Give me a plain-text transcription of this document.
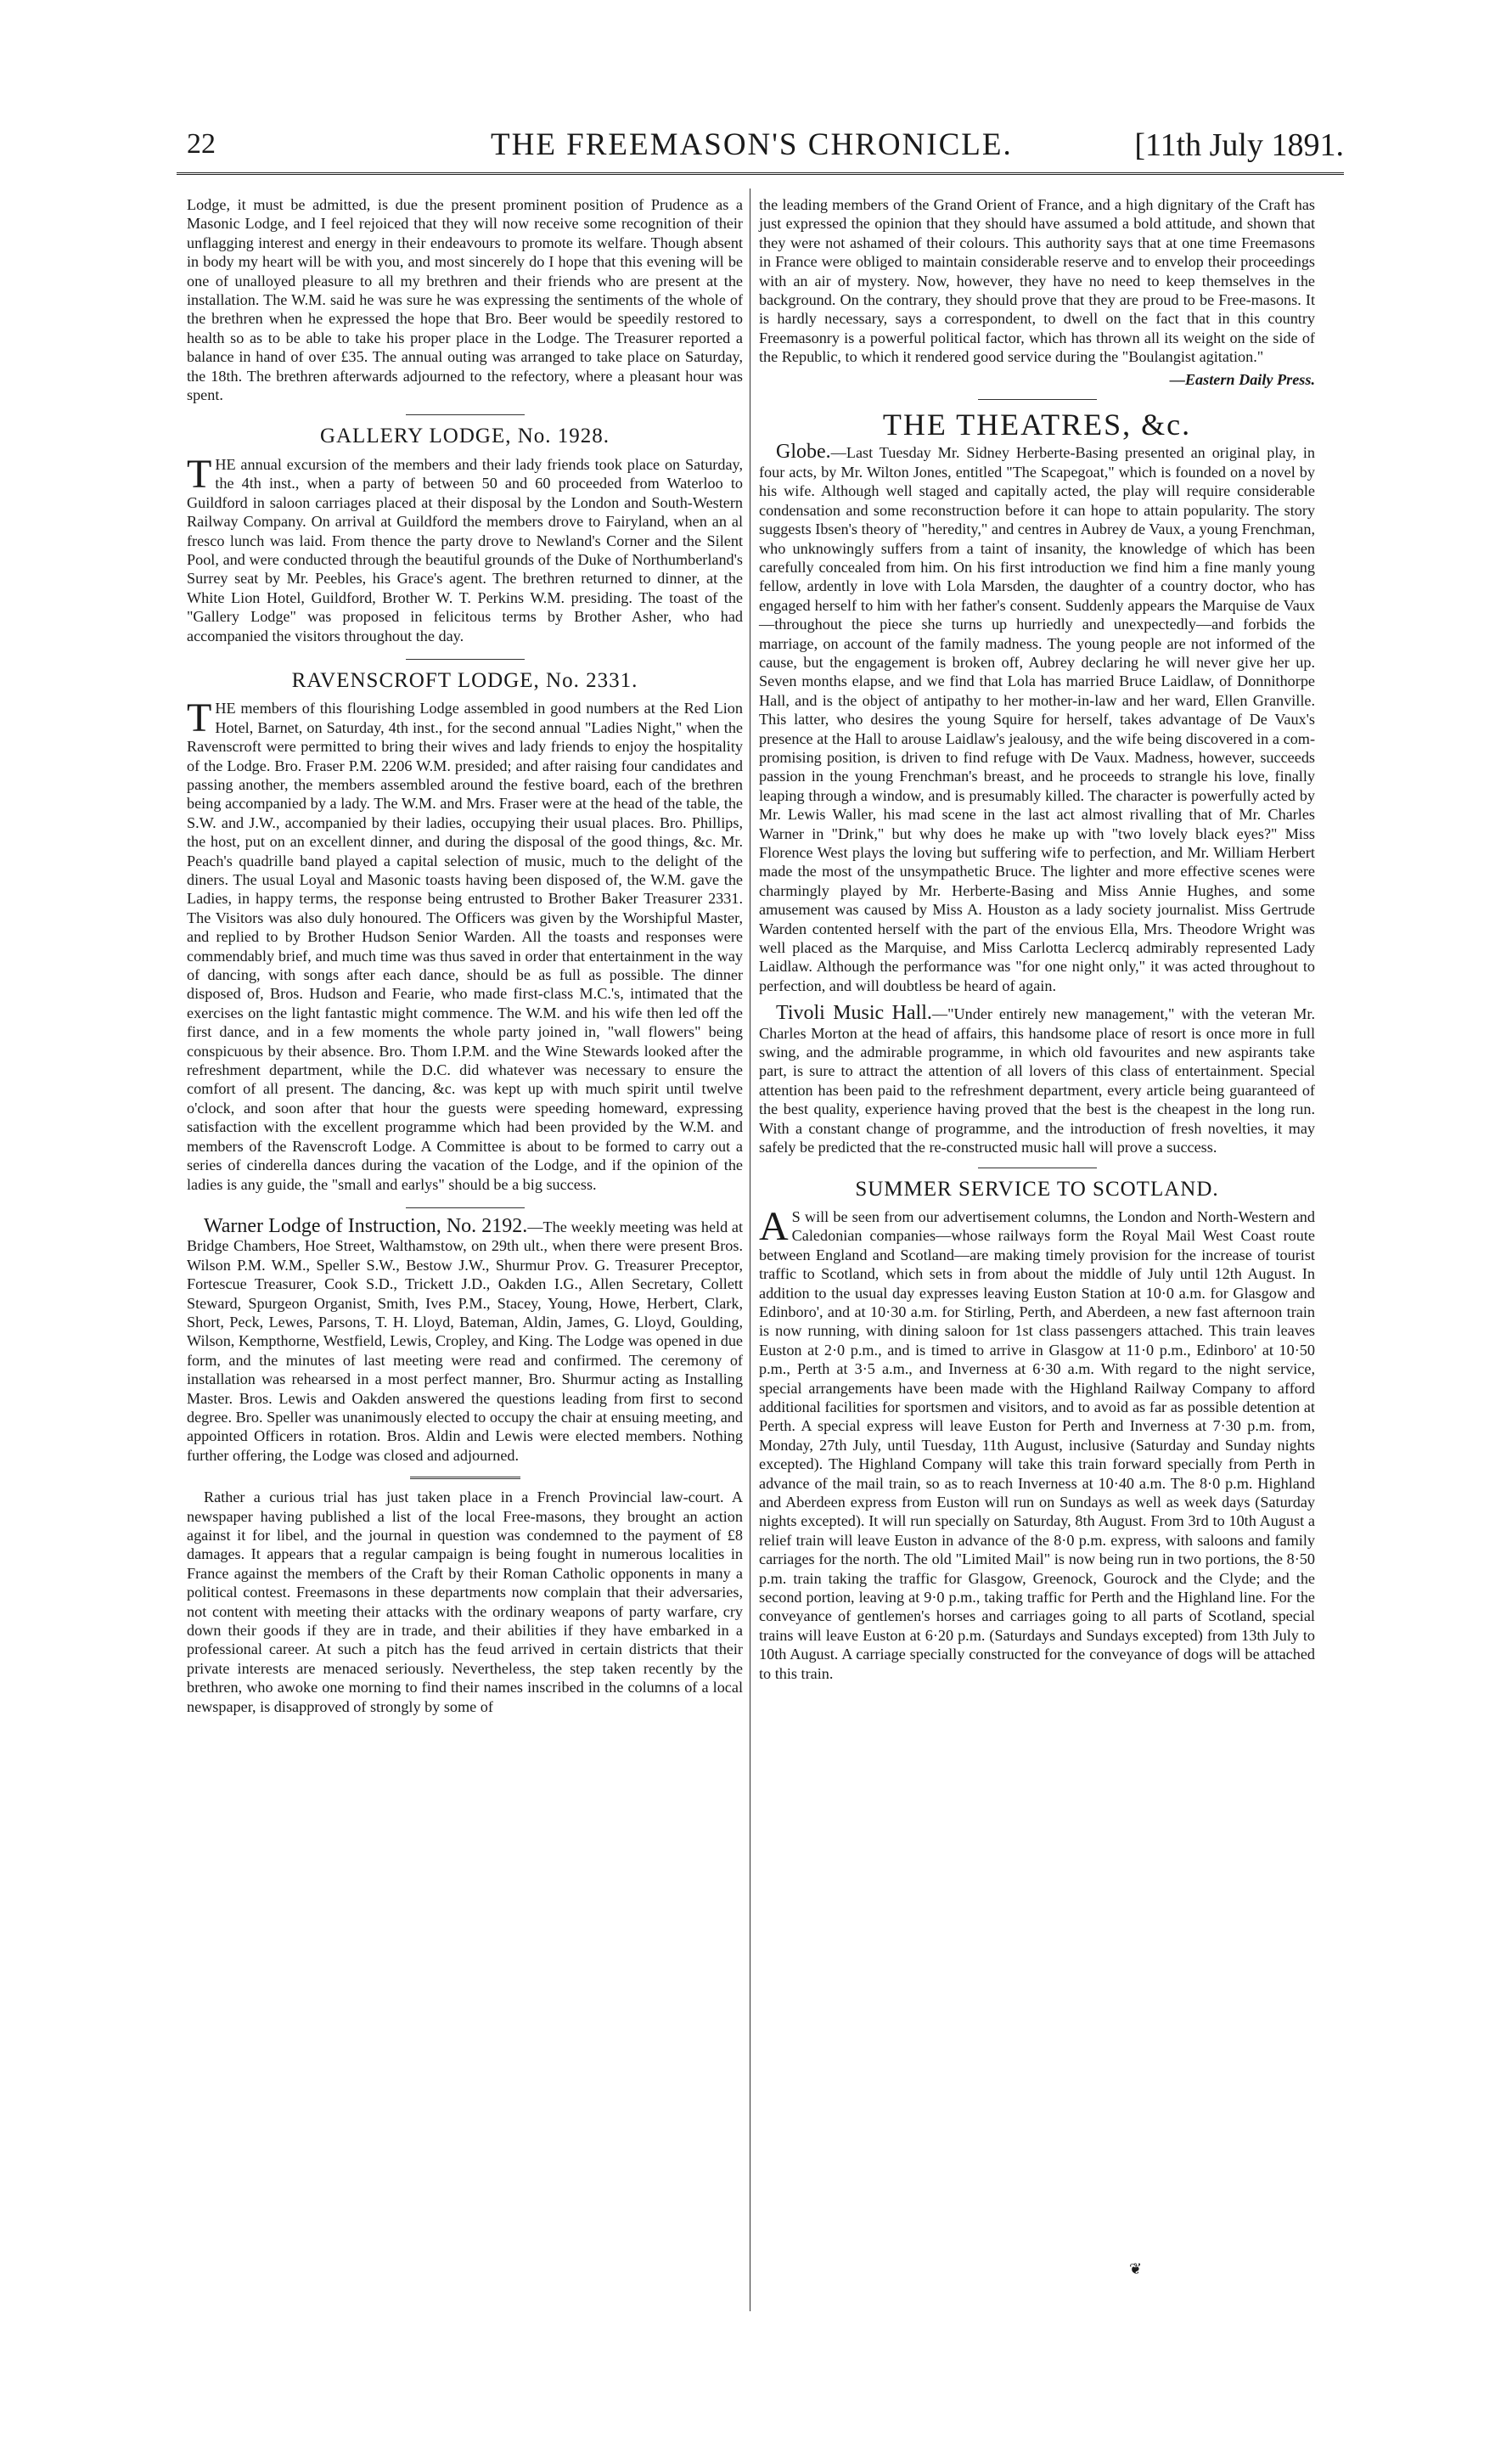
22	THE FREEMASON'S CHRONICLE.	[11th July 1891.

Lodge, it must be admitted, is due the present prominent position of Prudence as a Masonic Lodge, and I feel rejoiced that they will now receive some recognition of their unflagging interest and energy in their endeavours to promote its welfare. Though absent in body my heart will be with you, and most sincerely do I hope that this evening will be one of unalloyed pleasure to all my brethren and their friends who are present at the installation. The W.M. said he was sure he was expressing the sentiments of the whole of the brethren when he expressed the hope that Bro. Beer would be speedily restored to health so as to be able to take his proper place in the Lodge. The Treasurer reported a balance in hand of over £35. The annual outing was arranged to take place on Saturday, the 18th. The brethren afterwards adjourned to the refectory, where a pleasant hour was spent.

GALLERY LODGE, No. 1928.

THE annual excursion of the members and their lady friends took place on Saturday, the 4th inst., when a party of between 50 and 60 proceeded from Waterloo to Guildford in saloon carriages placed at their disposal by the London and South-Western Railway Company. On arrival at Guildford the members drove to Fairyland, when an al fresco lunch was laid. From thence the party drove to Newland's Corner and the Silent Pool, and were conducted through the beautiful grounds of the Duke of Northumberland's Surrey seat by Mr. Peebles, his Grace's agent. The brethren returned to dinner, at the White Lion Hotel, Guildford, Brother W. T. Perkins W.M. presiding. The toast of the "Gallery Lodge" was proposed in felicitous terms by Brother Asher, who had accompanied the visitors throughout the day.

RAVENSCROFT LODGE, No. 2331.

THE members of this flourishing Lodge assembled in good numbers at the Red Lion Hotel, Barnet, on Saturday, 4th inst., for the second annual "Ladies Night," when the Ravenscroft were permitted to bring their wives and lady friends to enjoy the hospitality of the Lodge. Bro. Fraser P.M. 2206 W.M. presided; and after raising four candidates and passing another, the members assembled around the festive board, each of the brethren being accompanied by a lady. The W.M. and Mrs. Fraser were at the head of the table, the S.W. and J.W., accompanied by their ladies, occupying their usual places. Bro. Phillips, the host, put on an excellent dinner, and during the disposal of the good things, &c. Mr. Peach's quadrille band played a capital selection of music, much to the delight of the diners. The usual Loyal and Masonic toasts having been disposed of, the W.M. gave the Ladies, in happy terms, the response being entrusted to Brother Baker Treasurer 2331. The Visitors was also duly honoured. The Officers was given by the Worshipful Master, and replied to by Brother Hudson Senior Warden. All the toasts and responses were commendably brief, and much time was thus saved in order that entertainment in the way of dancing, with songs after each dance, should be as full as possible. The dinner disposed of, Bros. Hudson and Fearie, who made first-class M.C.'s, intimated that the exercises on the light fantastic might commence. The W.M. and his wife then led off the first dance, and in a few moments the whole party joined in, "wall flowers" being conspicuous by their absence. Bro. Thom I.P.M. and the Wine Stewards looked after the refreshment department, while the D.C. did whatever was necessary to ensure the comfort of all present. The dancing, &c. was kept up with much spirit until twelve o'clock, and soon after that hour the guests were speeding homeward, expressing satisfaction with the excellent programme which had been provided by the W.M. and members of the Ravenscroft Lodge. A Committee is about to be formed to carry out a series of cinderella dances during the vacation of the Lodge, and if the opinion of the ladies is any guide, the "small and earlys" should be a big success.

Warner Lodge of Instruction, No. 2192.—The weekly meeting was held at Bridge Chambers, Hoe Street, Walthamstow, on 29th ult., when there were present Bros. Wilson P.M. W.M., Speller S.W., Bestow J.W., Shurmur Prov. G. Treasurer Preceptor, Fortescue Treasurer, Cook S.D., Trickett J.D., Oakden I.G., Allen Secretary, Collett Steward, Spurgeon Organist, Smith, Ives P.M., Stacey, Young, Howe, Herbert, Clark, Short, Peck, Lewes, Parsons, T. H. Lloyd, Bateman, Aldin, James, G. Lloyd, Goulding, Wilson, Kempthorne, Westfield, Lewis, Cropley, and King. The Lodge was opened in due form, and the minutes of last meeting were read and confirmed. The ceremony of installation was rehearsed in a most perfect manner, Bro. Shurmur acting as Installing Master. Bros. Lewis and Oakden answered the questions leading from first to second degree. Bro. Speller was unanimously elected to occupy the chair at ensuing meeting, and appointed Officers in rotation. Bros. Aldin and Lewis were elected members. Nothing further offering, the Lodge was closed and adjourned.

Rather a curious trial has just taken place in a French Provincial law-court. A newspaper having published a list of the local Free-masons, they brought an action against it for libel, and the journal in question was condemned to the payment of £8 damages. It appears that a regular campaign is being fought in numerous localities in France against the members of the Craft by their Roman Catholic opponents in many a political contest. Freemasons in these departments now complain that their adversaries, not content with meeting their attacks with the ordinary weapons of party warfare, cry down their goods if they are in trade, and their abilities if they have embarked in a professional career. At such a pitch has the feud arrived in certain districts that their private interests are menaced seriously. Nevertheless, the step taken recently by the brethren, who awoke one morning to find their names inscribed in the columns of a local newspaper, is disapproved of strongly by some of

the leading members of the Grand Orient of France, and a high dignitary of the Craft has just expressed the opinion that they should have assumed a bold attitude, and shown that they were not ashamed of their colours. This authority says that at one time Freemasons in France were obliged to maintain considerable reserve and to envelop their proceedings with an air of mystery. Now, however, they have no need to keep themselves in the background. On the contrary, they should prove that they are proud to be Free-masons. It is hardly necessary, says a correspondent, to dwell on the fact that in this country Freemasonry is a powerful political factor, which has thrown all its weight on the side of the Republic, to which it rendered good service during the "Boulangist agitation."

—Eastern Daily Press.
THE THEATRES, &c.

Globe.—Last Tuesday Mr. Sidney Herberte-Basing presented an original play, in four acts, by Mr. Wilton Jones, entitled "The Scapegoat," which is founded on a novel by his wife. Although well staged and capitally acted, the play will require considerable condensation and some reconstruction before it can hope to attain popularity. The story suggests Ibsen's theory of "heredity," and centres in Aubrey de Vaux, a young Frenchman, who unknowingly suffers from a taint of insanity, the knowledge of which has been carefully concealed from him. On his first introduction we find him a fine manly young fellow, ardently in love with Lola Marsden, the daughter of a country doctor, who has engaged herself to him with her father's consent. Suddenly appears the Marquise de Vaux—throughout the piece she turns up hurriedly and unexpectedly—and forbids the marriage, on account of the family madness. The young people are not informed of the cause, but the engagement is broken off, Aubrey declaring he will never give her up. Seven months elapse, and we find that Lola has married Bruce Laidlaw, of Donnithorpe Hall, and is the object of antipathy to her mother-in-law and her ward, Ellen Granville. This latter, who desires the young Squire for herself, takes advantage of De Vaux's presence at the Hall to arouse Laidlaw's jealousy, and the wife being discovered in a com-promising position, is driven to find refuge with De Vaux. Madness, however, succeeds passion in the young Frenchman's breast, and he proceeds to strangle his love, finally leaping through a window, and is presumably killed. The character is powerfully acted by Mr. Lewis Waller, his mad scene in the last act almost rivalling that of Mr. Charles Warner in "Drink," but why does he make up with "two lovely black eyes?" Miss Florence West plays the loving but suffering wife to perfection, and Mr. William Herbert made the most of the unsympathetic Bruce. The lighter and more effective scenes were charmingly played by Mr. Herberte-Basing and Miss Annie Hughes, and some amusement was caused by Miss A. Houston as a lady society journalist. Miss Gertrude Warden contented herself with the part of the envious Ella, Mrs. Theodore Wright was well placed as the Marquise, and Miss Carlotta Leclercq admirably represented Lady Laidlaw. Although the performance was "for one night only," it was acted throughout to perfection, and will doubtless be heard of again.

Tivoli Music Hall.—"Under entirely new management," with the veteran Mr. Charles Morton at the head of affairs, this handsome place of resort is once more in full swing, and the admirable programme, in which old favourites and new aspirants take part, is sure to attract the attention of all lovers of this class of entertainment. Special attention has been paid to the refreshment department, every article being guaranteed of the best quality, experience having proved that the best is the cheapest in the long run. With a constant change of programme, and the introduction of fresh novelties, it may safely be predicted that the re-constructed music hall will prove a success.

SUMMER SERVICE TO SCOTLAND.

A S will be seen from our advertisement columns, the London and North-Western and Caledonian companies—whose railways form the Royal Mail West Coast route between England and Scotland—are making timely provision for the increase of tourist traffic to Scotland, which sets in from about the middle of July until 12th August. In addition to the usual day expresses leaving Euston Station at 10·0 a.m. for Glasgow and Edinboro', and at 10·30 a.m. for Stirling, Perth, and Aberdeen, a new fast afternoon train is now running, with dining saloon for 1st class passengers attached. This train leaves Euston at 2·0 p.m., and is timed to arrive in Glasgow at 11·0 p.m., Edinboro' at 10·50 p.m., Perth at 3·5 a.m., and Inverness at 6·30 a.m. With regard to the night service, special arrangements have been made with the Highland Railway Company to afford additional facilities for sportsmen and visitors, and to avoid as far as possible detention at Perth. A special express will leave Euston for Perth and Inverness at 7·30 p.m. from, Monday, 27th July, until Tuesday, 11th August, inclusive (Saturday and Sunday nights excepted). The Highland Company will take this train forward specially from Perth in advance of the mail train, so as to reach Inverness at 10·40 a.m. The 8·0 p.m. Highland and Aberdeen express from Euston will run on Sundays as well as week days (Saturday nights excepted). It will run specially on Saturday, 8th August. From 3rd to 10th August a relief train will leave Euston in advance of the 8·0 p.m. express, with saloons and family carriages for the north. The old "Limited Mail" is now being run in two portions, the 8·50 p.m. train taking the traffic for Glasgow, Greenock, Gourock and the Clyde; and the second portion, leaving at 9·0 p.m., taking traffic for Perth and the Highland line. For the conveyance of gentlemen's horses and carriages going to all parts of Scotland, special trains will leave Euston at 6·20 p.m. (Saturdays and Sundays excepted) from 13th July to 10th August. A carriage specially constructed for the conveyance of dogs will be attached to this train.

❦
